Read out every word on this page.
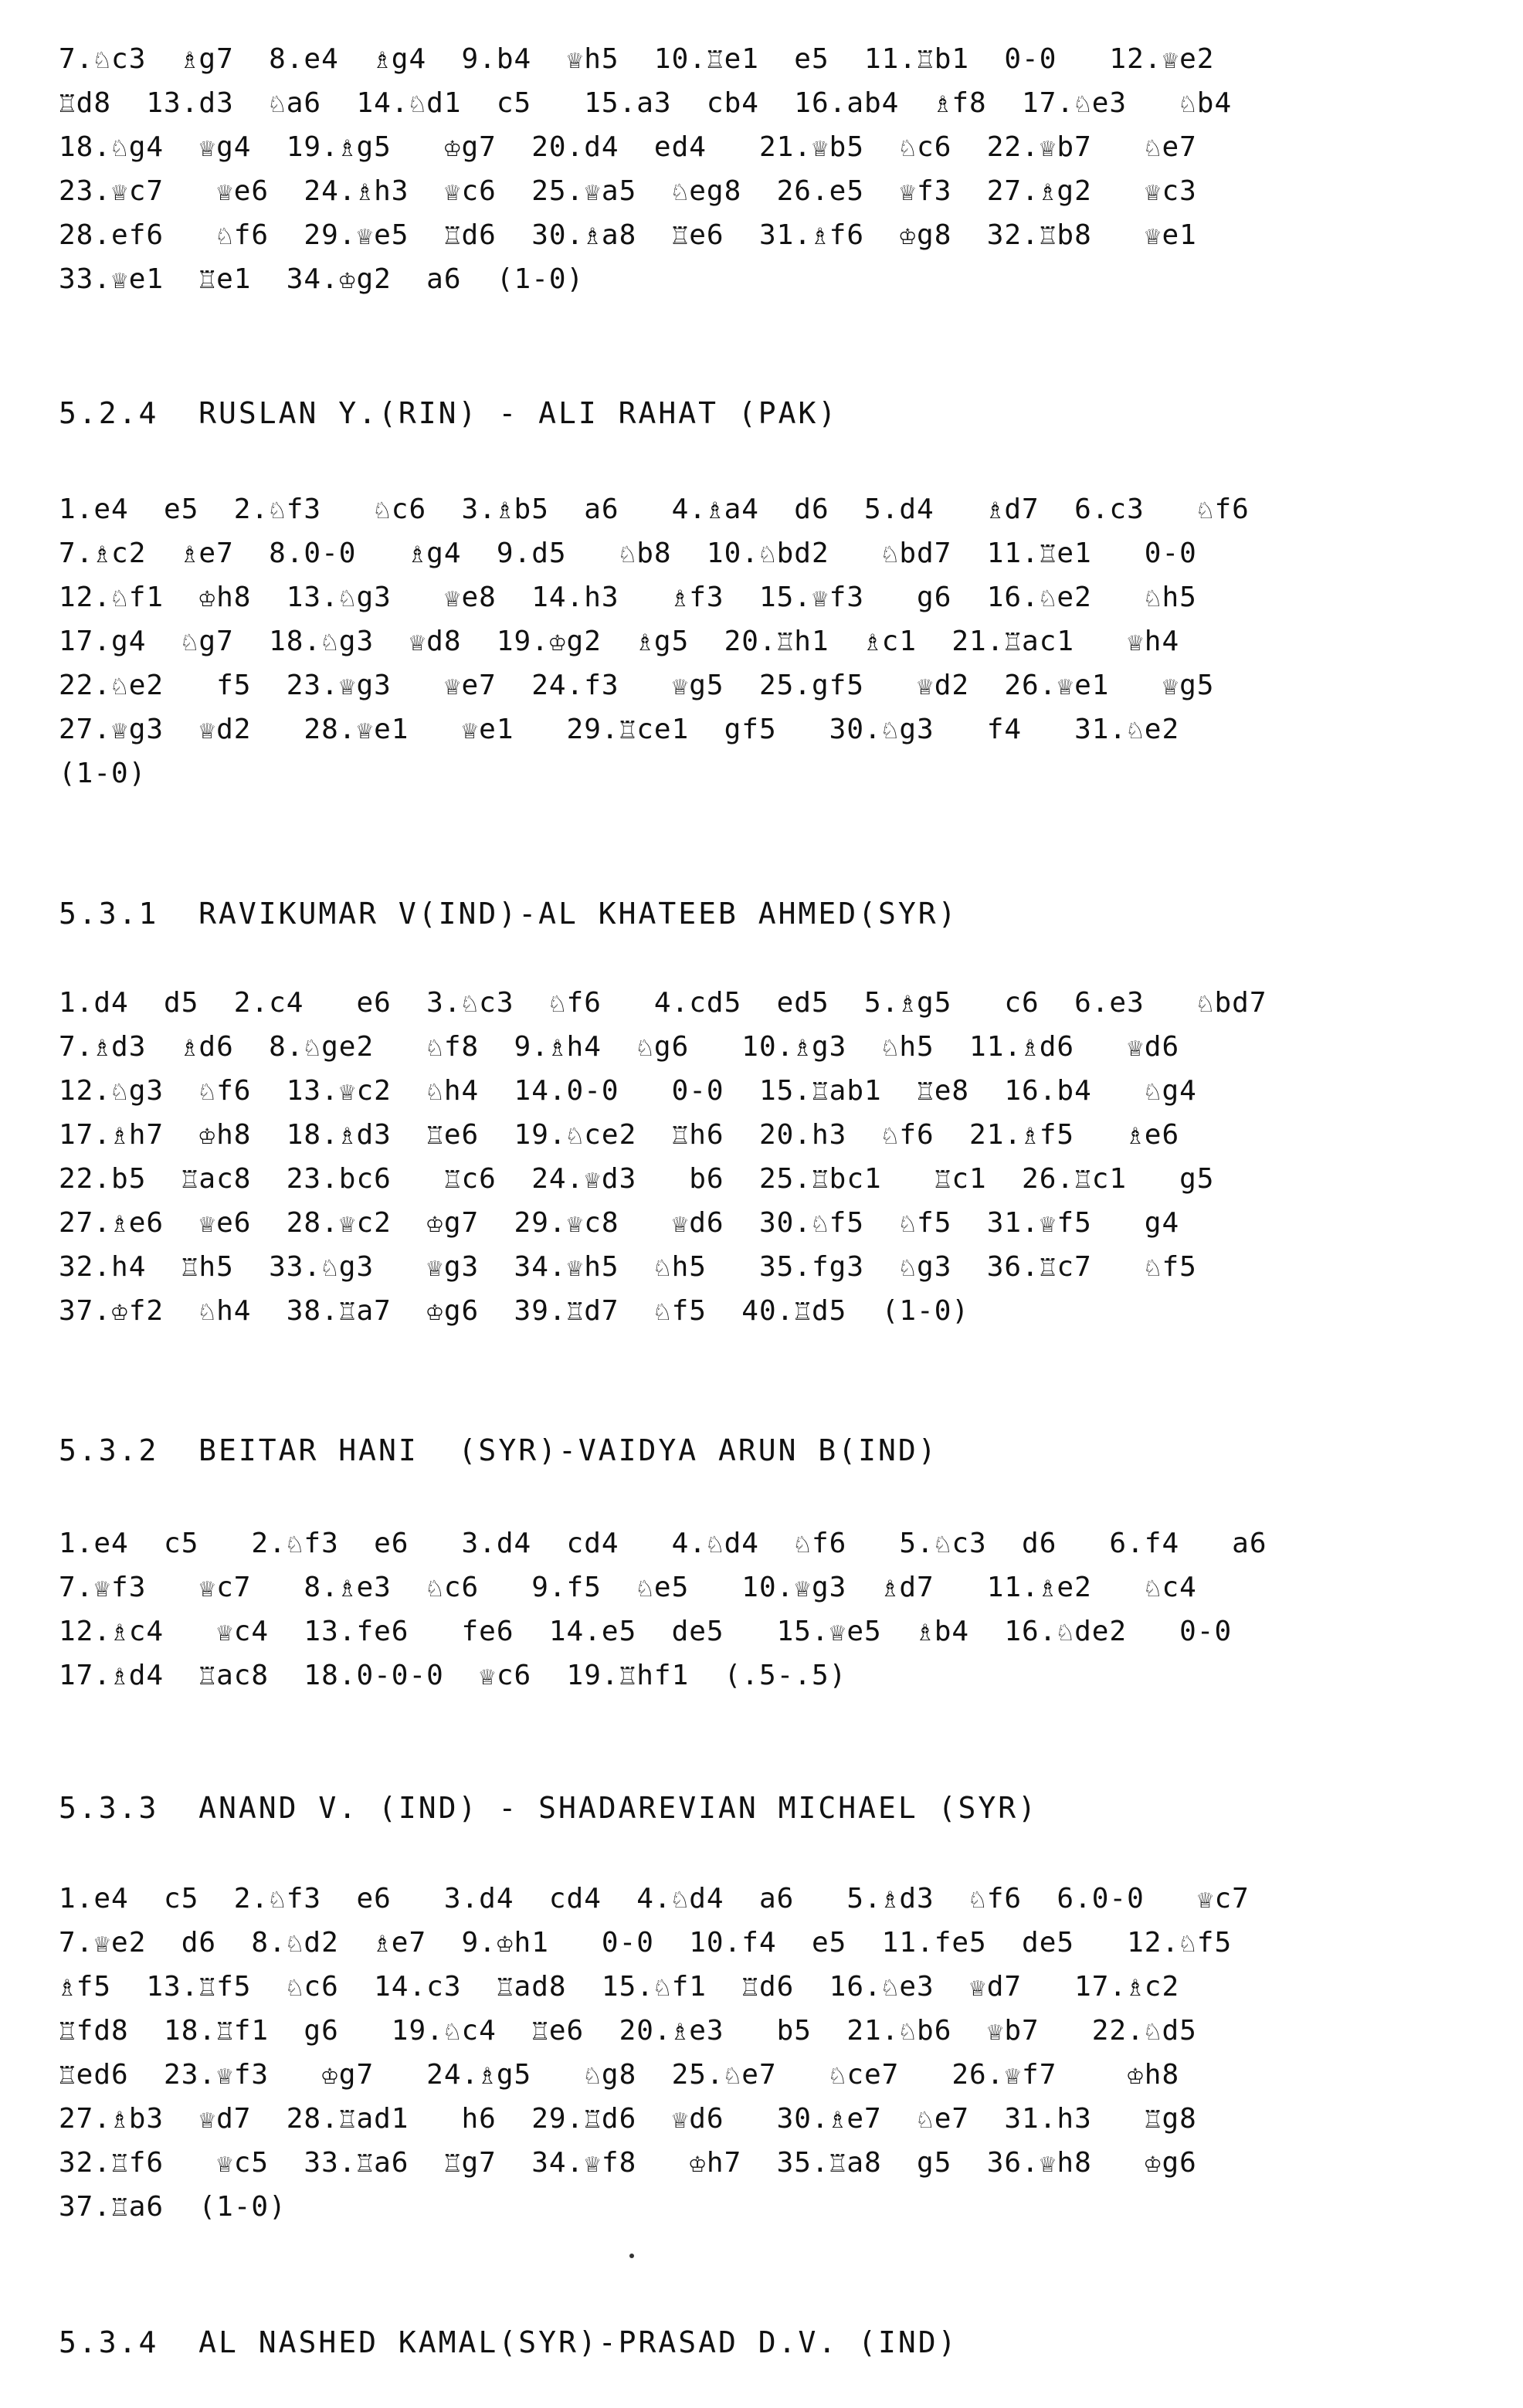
7.♘c3  ♗g7  8.e4  ♗g4  9.b4  ♕h5  10.♖e1  e5  11.♖b1  0-0   12.♕e2
♖d8  13.d3  ♘a6  14.♘d1  c5   15.a3  cb4  16.ab4  ♗f8  17.♘e3   ♘b4
18.♘g4  ♕g4  19.♗g5   ♔g7  20.d4  ed4   21.♕b5  ♘c6  22.♕b7   ♘e7
23.♕c7   ♕e6  24.♗h3  ♕c6  25.♕a5  ♘eg8  26.e5  ♕f3  27.♗g2   ♕c3
28.ef6   ♘f6  29.♕e5  ♖d6  30.♗a8  ♖e6  31.♗f6  ♔g8  32.♖b8   ♕e1
33.♕e1  ♖e1  34.♔g2  a6  (1-0)
5.2.4  RUSLAN Y.(RIN) - ALI RAHAT (PAK)
1.e4  e5  2.♘f3   ♘c6  3.♗b5  a6   4.♗a4  d6  5.d4   ♗d7  6.c3   ♘f6
7.♗c2  ♗e7  8.0-0   ♗g4  9.d5   ♘b8  10.♘bd2   ♘bd7  11.♖e1   0-0
12.♘f1  ♔h8  13.♘g3   ♕e8  14.h3   ♗f3  15.♕f3   g6  16.♘e2   ♘h5
17.g4  ♘g7  18.♘g3  ♕d8  19.♔g2  ♗g5  20.♖h1  ♗c1  21.♖ac1   ♕h4
22.♘e2   f5  23.♕g3   ♕e7  24.f3   ♕g5  25.gf5   ♕d2  26.♕e1   ♕g5
27.♕g3  ♕d2   28.♕e1   ♕e1   29.♖ce1  gf5   30.♘g3   f4   31.♘e2
(1-0)
5.3.1  RAVIKUMAR V(IND)-AL KHATEEB AHMED(SYR)
1.d4  d5  2.c4   e6  3.♘c3  ♘f6   4.cd5  ed5  5.♗g5   c6  6.e3   ♘bd7
7.♗d3  ♗d6  8.♘ge2   ♘f8  9.♗h4  ♘g6   10.♗g3  ♘h5  11.♗d6   ♕d6
12.♘g3  ♘f6  13.♕c2  ♘h4  14.0-0   0-0  15.♖ab1  ♖e8  16.b4   ♘g4
17.♗h7  ♔h8  18.♗d3  ♖e6  19.♘ce2  ♖h6  20.h3  ♘f6  21.♗f5   ♗e6
22.b5  ♖ac8  23.bc6   ♖c6  24.♕d3   b6  25.♖bc1   ♖c1  26.♖c1   g5
27.♗e6  ♕e6  28.♕c2  ♔g7  29.♕c8   ♕d6  30.♘f5  ♘f5  31.♕f5   g4
32.h4  ♖h5  33.♘g3   ♕g3  34.♕h5  ♘h5   35.fg3  ♘g3  36.♖c7   ♘f5
37.♔f2  ♘h4  38.♖a7  ♔g6  39.♖d7  ♘f5  40.♖d5  (1-0)
5.3.2  BEITAR HANI  (SYR)-VAIDYA ARUN B(IND)
1.e4  c5   2.♘f3  e6   3.d4  cd4   4.♘d4  ♘f6   5.♘c3  d6   6.f4   a6
7.♕f3   ♕c7   8.♗e3  ♘c6   9.f5  ♘e5   10.♕g3  ♗d7   11.♗e2   ♘c4
12.♗c4   ♕c4  13.fe6   fe6  14.e5  de5   15.♕e5  ♗b4  16.♘de2   0-0
17.♗d4  ♖ac8  18.0-0-0  ♕c6  19.♖hf1  (.5-.5)
5.3.3  ANAND V. (IND) - SHADAREVIAN MICHAEL (SYR)
1.e4  c5  2.♘f3  e6   3.d4  cd4  4.♘d4  a6   5.♗d3  ♘f6  6.0-0   ♕c7
7.♕e2  d6  8.♘d2  ♗e7  9.♔h1   0-0  10.f4  e5  11.fe5  de5   12.♘f5
♗f5  13.♖f5  ♘c6  14.c3  ♖ad8  15.♘f1  ♖d6  16.♘e3  ♕d7   17.♗c2
♖fd8  18.♖f1  g6   19.♘c4  ♖e6  20.♗e3   b5  21.♘b6  ♕b7   22.♘d5
♖ed6  23.♕f3   ♔g7   24.♗g5   ♘g8  25.♘e7   ♘ce7   26.♕f7    ♔h8
27.♗b3  ♕d7  28.♖ad1   h6  29.♖d6  ♕d6   30.♗e7  ♘e7  31.h3   ♖g8
32.♖f6   ♕c5  33.♖a6  ♖g7  34.♕f8   ♔h7  35.♖a8  g5  36.♕h8   ♔g6
37.♖a6  (1-0)
5.3.4  AL NASHED KAMAL(SYR)-PRASAD D.V. (IND)
